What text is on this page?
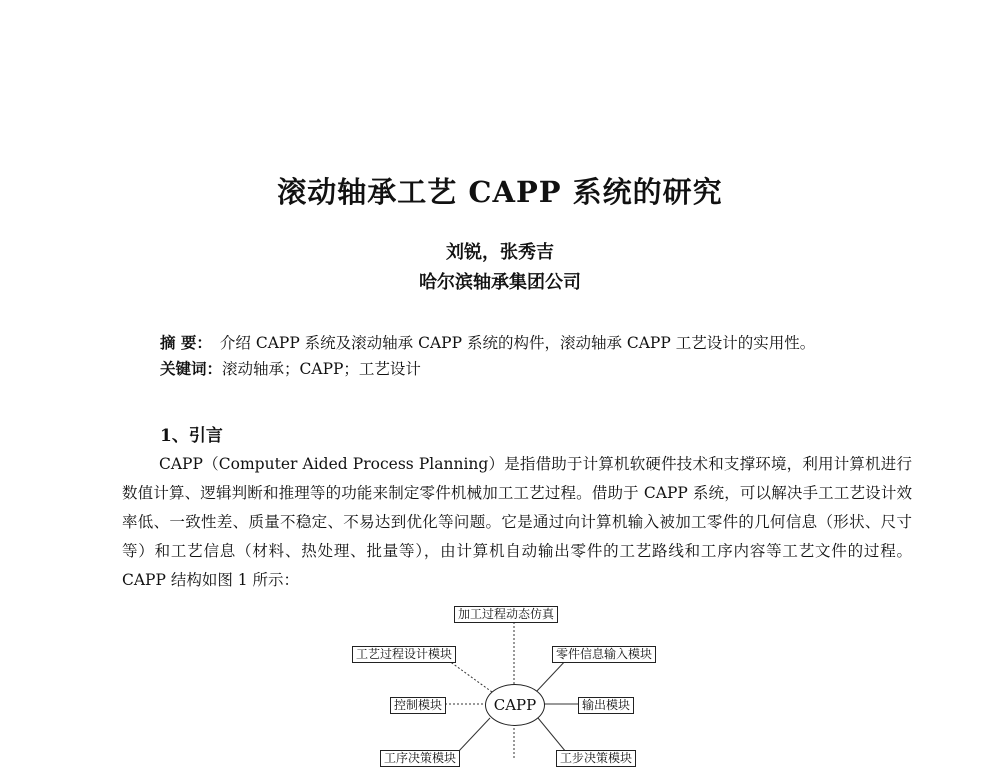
滚动轴承工艺 CAPP 系统的研究
刘锐，张秀吉
哈尔滨轴承集团公司
摘 要： 介绍 CAPP 系统及滚动轴承 CAPP 系统的构件，滚动轴承 CAPP 工艺设计的实用性。
关键词：滚动轴承；CAPP；工艺设计
1、引言

CAPP（Computer Aided Process Planning）是指借助于计算机软硬件技术和支撑环境，利用计算机进行数值计算、逻辑判断和推理等的功能来制定零件机械加工工艺过程。借助于 CAPP 系统，可以解决手工工艺设计效率低、一致性差、质量不稳定、不易达到优化等问题。它是通过向计算机输入被加工零件的几何信息（形状、尺寸等）和工艺信息（材料、热处理、批量等），由计算机自动输出零件的工艺路线和工序内容等工艺文件的过程。CAPP 结构如图 1 所示：

加工过程动态仿真
工艺过程设计模块	零件信息输入模块
控制模块	输出模块
工序决策模块	工步决策模块
CAPP
